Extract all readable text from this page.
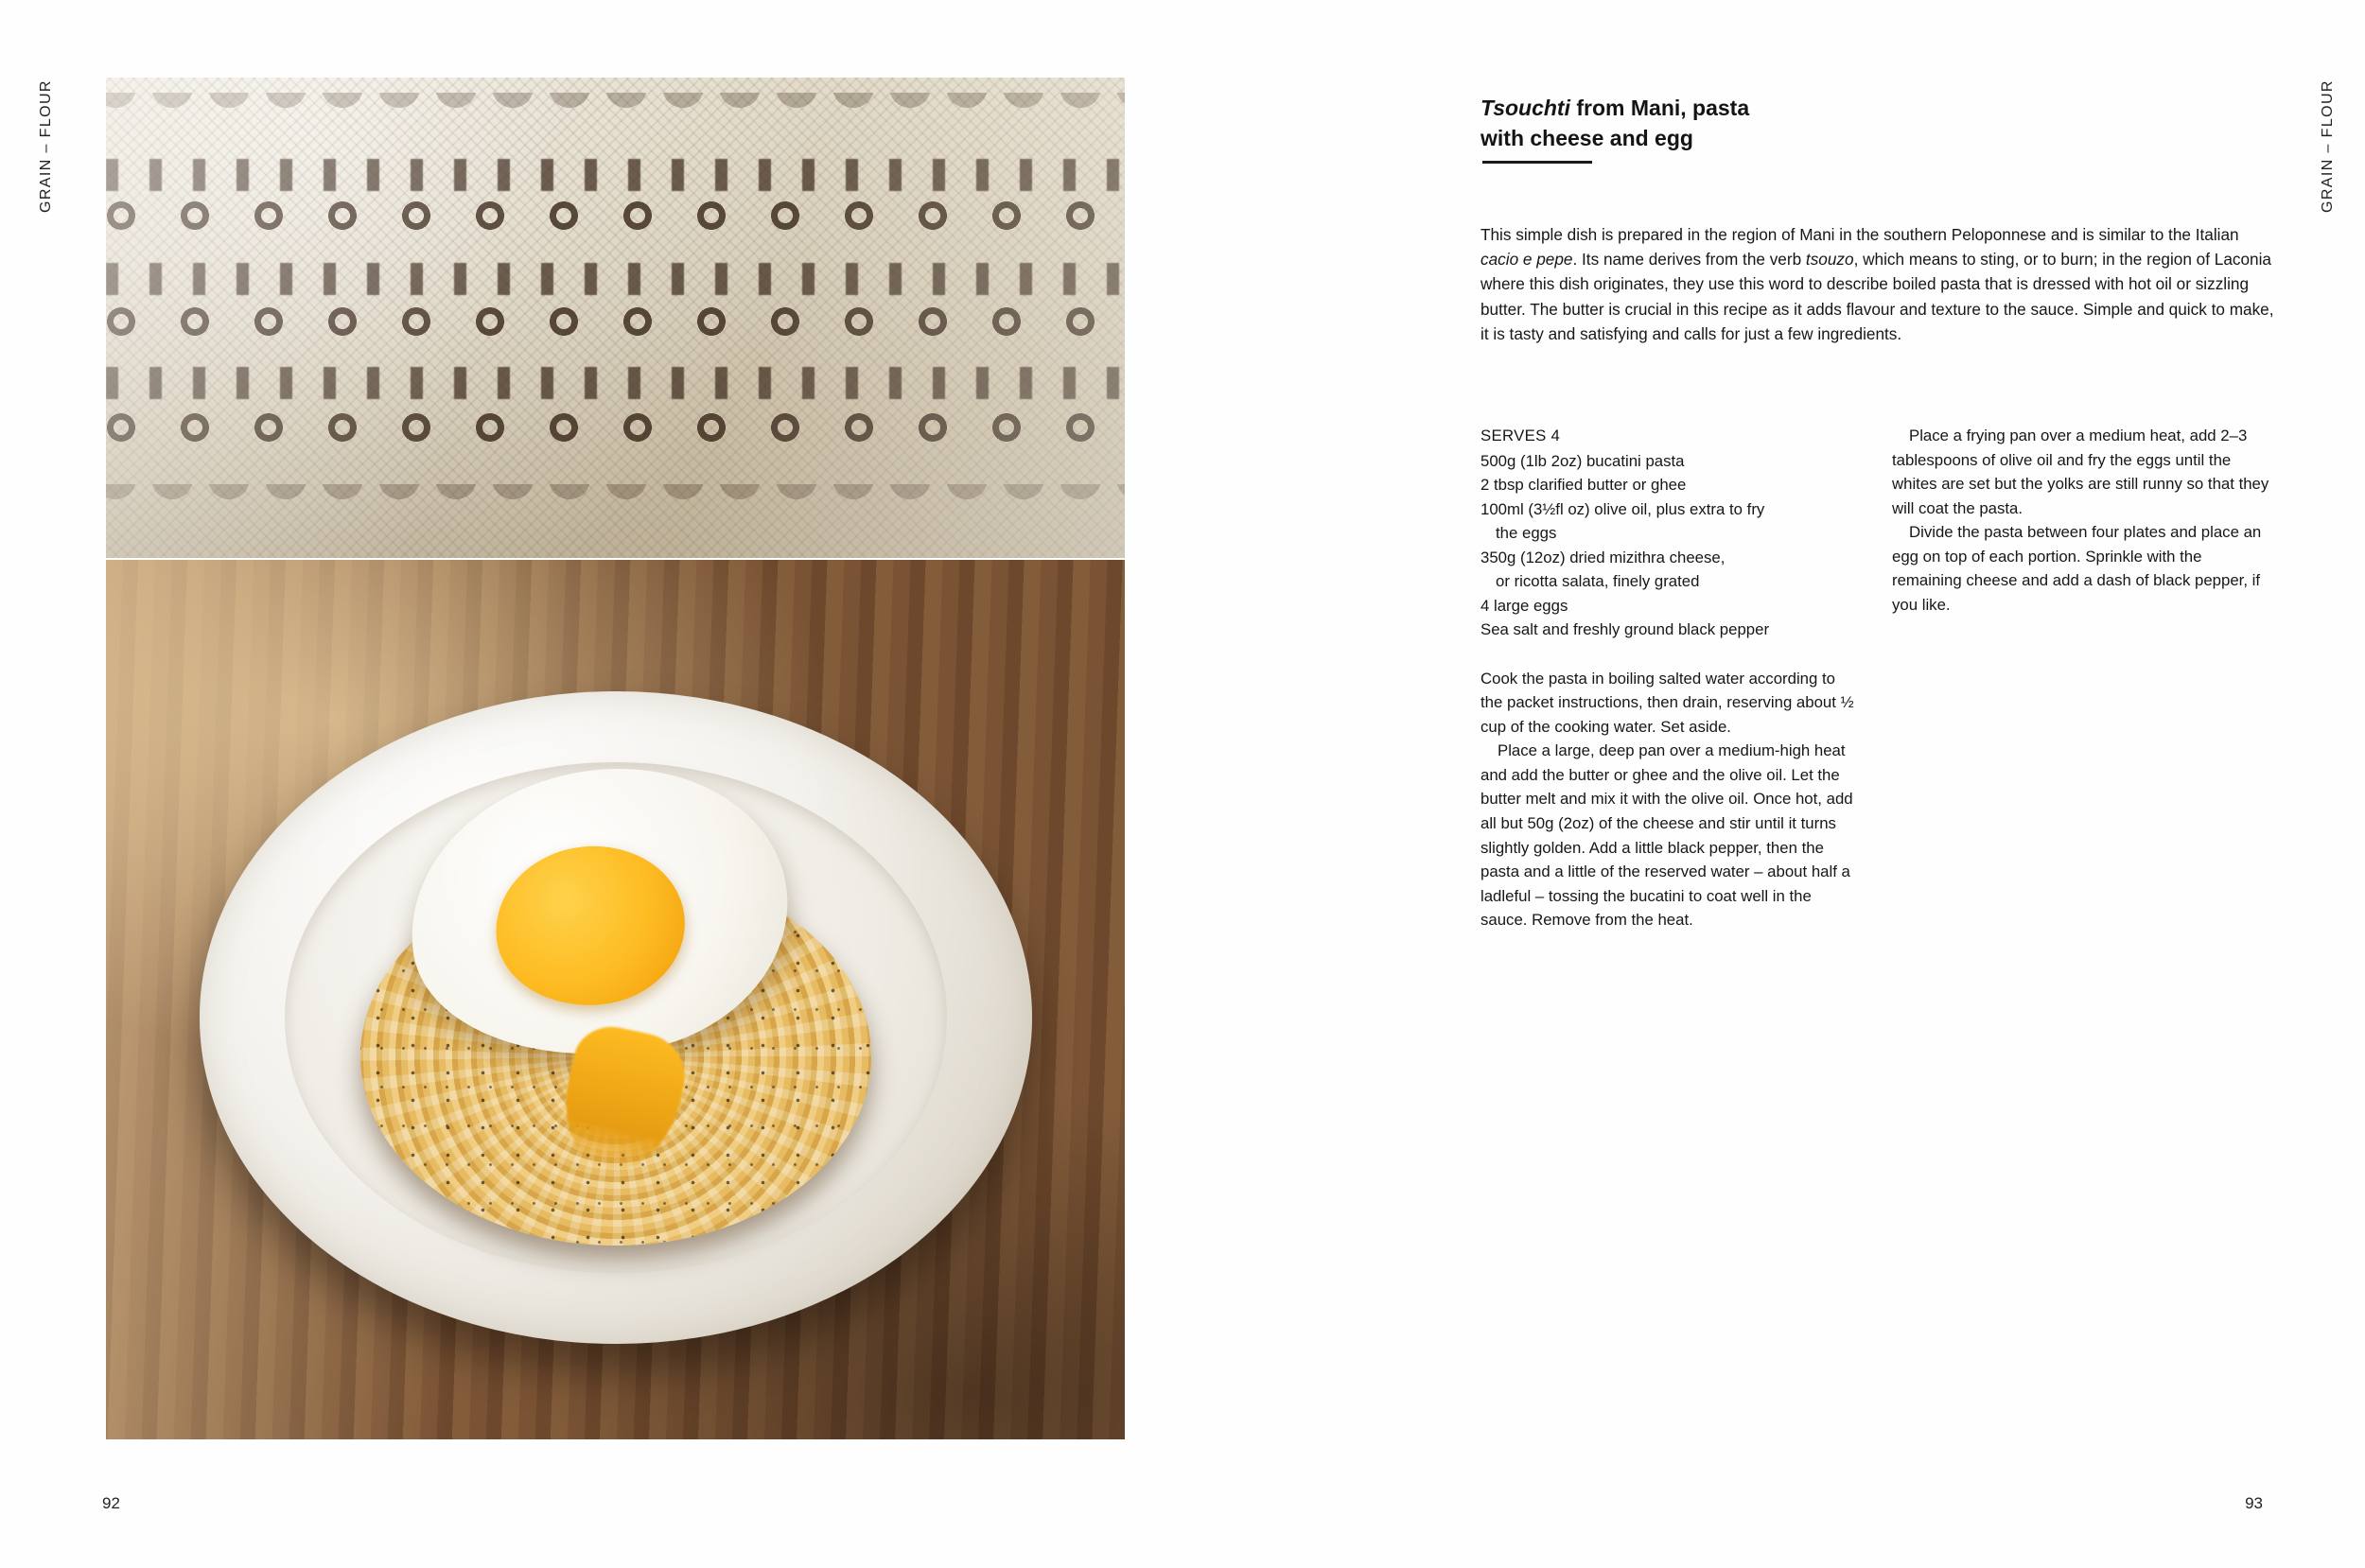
GRAIN – FLOUR
92
Tsouchti from Mani, pasta
with cheese and egg

This simple dish is prepared in the region of Mani in the southern Peloponnese and is similar to the Italian cacio e pepe. Its name derives from the verb tsouzo, which means to sting, or to burn; in the region of Laconia where this dish originates, they use this word to describe boiled pasta that is dressed with hot oil or sizzling butter. The butter is crucial in this recipe as it adds flavour and texture to the sauce. Simple and quick to make, it is tasty and satisfying and calls for just a few ingredients.

SERVES 4

500g (1lb 2oz) bucatini pasta
2 tbsp clarified butter or ghee
100ml (3½fl oz) olive oil, plus extra to fry
the eggs
350g (12oz) dried mizithra cheese,
or ricotta salata, finely grated
4 large eggs
Sea salt and freshly ground black pepper

Cook the pasta in boiling salted water according to the packet instructions, then drain, reserving about ½ cup of the cooking water. Set aside.

Place a large, deep pan over a medium-high heat and add the butter or ghee and the olive oil. Let the butter melt and mix it with the olive oil. Once hot, add all but 50g (2oz) of the cheese and stir until it turns slightly golden. Add a little black pepper, then the pasta and a little of the reserved water – about half a ladleful – tossing the bucatini to coat well in the sauce. Remove from the heat.

Place a frying pan over a medium heat, add 2–3 tablespoons of olive oil and fry the eggs until the whites are set but the yolks are still runny so that they will coat the pasta.

Divide the pasta between four plates and place an egg on top of each portion. Sprinkle with the remaining cheese and add a dash of black pepper, if you like.

GRAIN – FLOUR
93
